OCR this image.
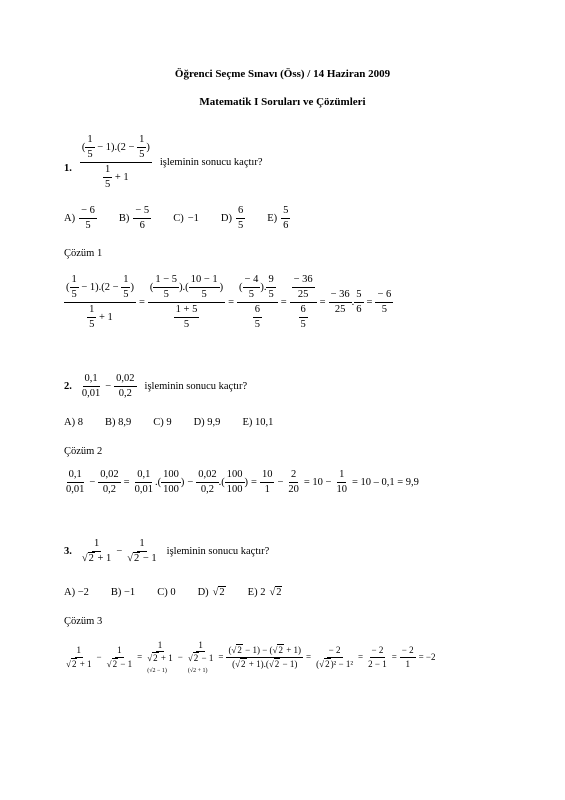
Öğrenci Seçme Sınavı (Öss) / 14 Haziran 2009
Matematik I Soruları ve Çözümleri
1. $\frac{( \frac{1}{5} - 1).(2 - \frac{1}{5} )}{\frac{1}{5} + 1}$ işleminin sonucu kaçtır?
$A) \frac{- 6}{5} B) \frac{- 5}{6} C) -1$ $D) \frac{6}{5} E) \frac{5}{6}$
Çözüm 1
$\frac{( \frac{1}{5} - 1).(2 - \frac{1}{5} )}{\frac{1}{5} + 1} = \frac{( \frac{1 - 5}{5} ).( \frac{10 - 1}{5} )}{\frac{1 + 5}{5}} = \frac{( \frac{- 4}{5} ). \frac{9}{5}}{\frac{6}{5}} = \frac{\frac{- 36}{25}}{\frac{6}{5}} = \frac{- 36}{25}$ . $\frac{5}{6} = \frac{- 6}{5}$
2. $\frac{0,1}{0,01} - \frac{0,02}{0,2}$ işleminin sonucu kaçtır?
A) 8 B) 8,9 C) 9 D) 9,9 E) 10,1
Çözüm 2
$\frac{0,1}{0,01} - \frac{0,02}{0,2} = \frac{0,1}{0,01}$ .( $\frac{100}{100}$ ) − $\frac{0,02}{0,2}$ .( $\frac{100}{100}$ ) = $\frac{10}{1} - \frac{2}{20} = 10 - \frac{1}{10} = 10 - 0,1 = 9,9$
3. $\frac{1}{√2 + 1} - \frac{1}{√2 - 1}$ işleminin sonucu kaçtır?
A) −2 B) −1 C) 0 D) √ 2 E) 2 √ 2
Çözüm 3
$\frac{1}{√2 + 1} - \frac{1}{√2 - 1}$ =
1
√2 + 1
(√2 − 1)
−
1
√2 − 1
(√2 + 1)
= $\frac{(√2 - 1) - (√2 + 1)}{(√2 + 1).(√2 - 1)} = \frac{- 2}{\text{(√2)² − 1²}} = \frac{- 2}{2 - 1} = \frac{- 2}{1} = -2$
